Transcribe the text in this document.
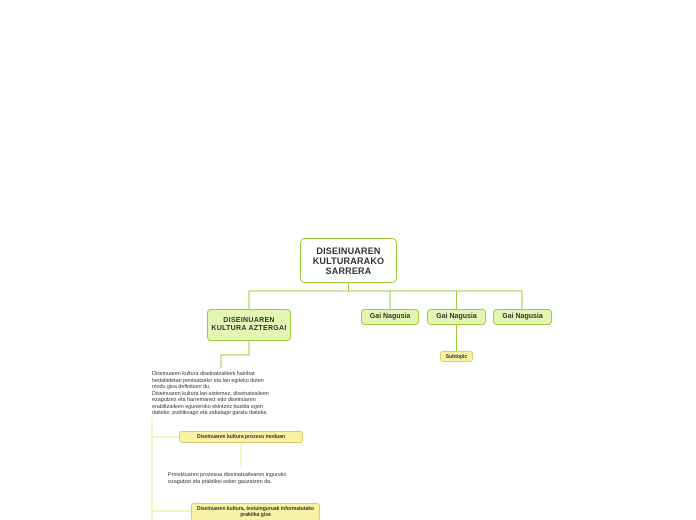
DISEINUAREN KULTURARAKO SARRERA
DISEINUAREN KULTURA AZTERGAI
Gai Nagusia	Gai Nagusia	Gai Nagusia
Subtopic
Diseinuaren kultura diseinatzaileek hainbat
hedabidetan pentsatzeko eta lan egiteko duten
modu gisa definitzen du.
Diseinuaren kultura lan-sistemez, diseinatzaileen
ezagutzez eta harremanez edo diseinuaren
erabiltzaileen eguneroko ekintzez bustita egon
daiteke, publikoago eta zabalago garatu daiteke.
Diseinuaren kultura prozesu moduan
Proiektuaren prozesua diseinatzailearen inguruko
ezagutzei eta praktikei esker gauzatzen da.
Diseinuaren kultura, testuinguruak informatutako praktika gisa
